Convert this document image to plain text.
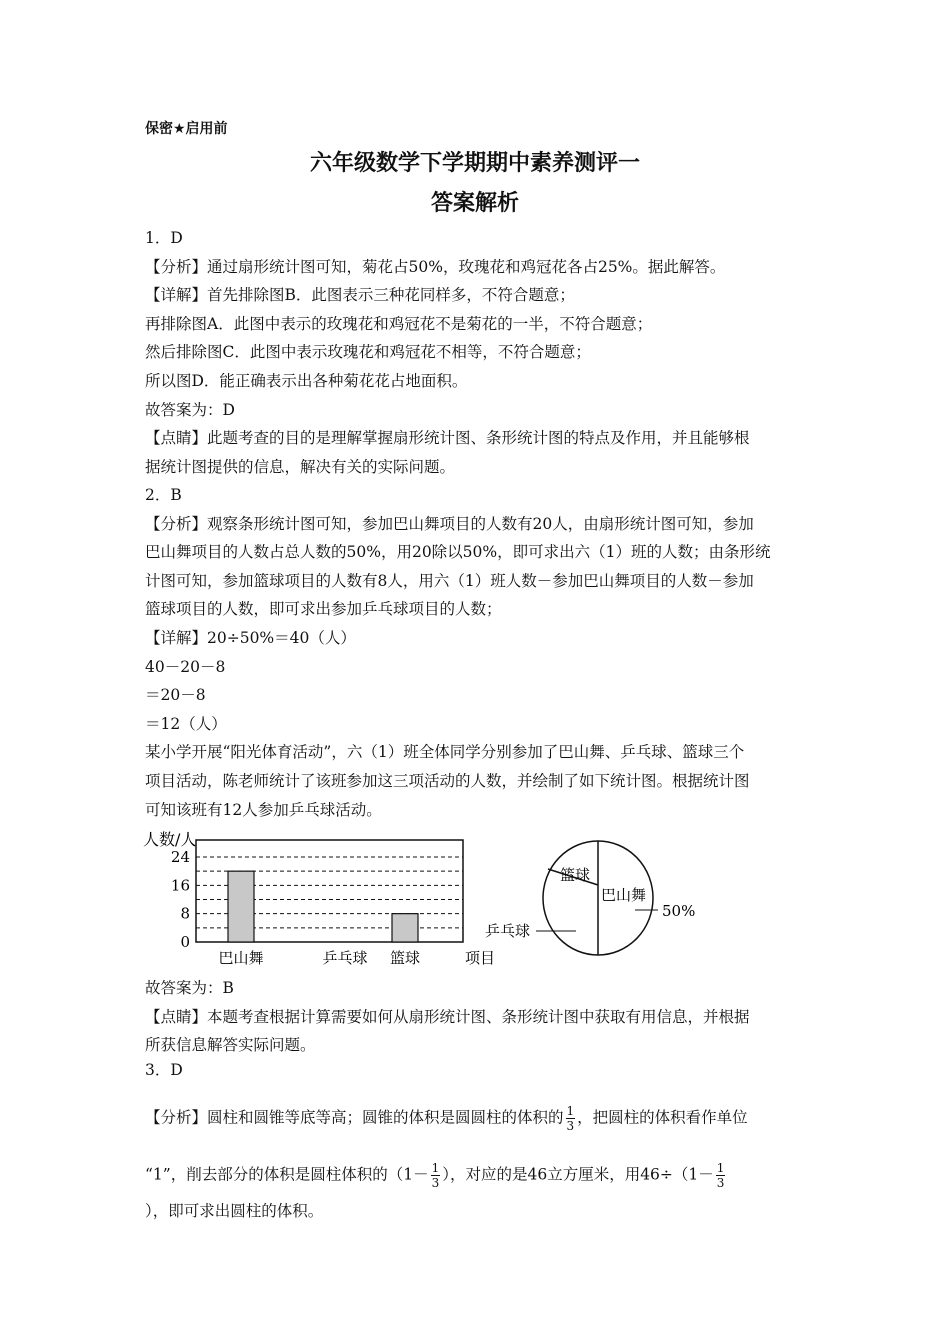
保密★启用前
六年级数学下学期期中素养测评一
答案解析
1．D
【分析】通过扇形统计图可知，菊花占50%，玫瑰花和鸡冠花各占25%。据此解答。
【详解】首先排除图B．此图表示三种花同样多，不符合题意；
再排除图A．此图中表示的玫瑰花和鸡冠花不是菊花的一半，不符合题意；
然后排除图C．此图中表示玫瑰花和鸡冠花不相等，不符合题意；
所以图D．能正确表示出各种菊花花占地面积。
故答案为：D
【点睛】此题考查的目的是理解掌握扇形统计图、条形统计图的特点及作用，并且能够根
据统计图提供的信息，解决有关的实际问题。
2．B
【分析】观察条形统计图可知，参加巴山舞项目的人数有20人，由扇形统计图可知，参加
巴山舞项目的人数占总人数的50%，用20除以50%，即可求出六（1）班的人数；由条形统
计图可知，参加篮球项目的人数有8人，用六（1）班人数－参加巴山舞项目的人数－参加
篮球项目的人数，即可求出参加乒乓球项目的人数；
【详解】20÷50%＝40（人）
40－20－8
＝20－8
＝12（人）
某小学开展“阳光体育活动”，六（1）班全体同学分别参加了巴山舞、乒乓球、篮球三个
项目活动，陈老师统计了该班参加这三项活动的人数，并绘制了如下统计图。根据统计图
可知该班有12人参加乒乓球活动。
故答案为：B
【点睛】本题考查根据计算需要如何从扇形统计图、条形统计图中获取有用信息，并根据
所获信息解答实际问题。
人数/人
0
8
16
24
巴山舞	乒乓球 篮球	项目
篮球
巴山舞
50%
乒乓球
3．D
【分析】圆柱和圆锥等底等高；圆锥的体积是圆圆柱的体积的 $\frac{1}{3}$ ，把圆柱的体积看作单位
“1”，削去部分的体积是圆柱体积的（$1- \frac{1}{3}$ ），对应的是46立方厘米，用$46\div(1- \frac{1}{3}$
），即可求出圆柱的体积。
